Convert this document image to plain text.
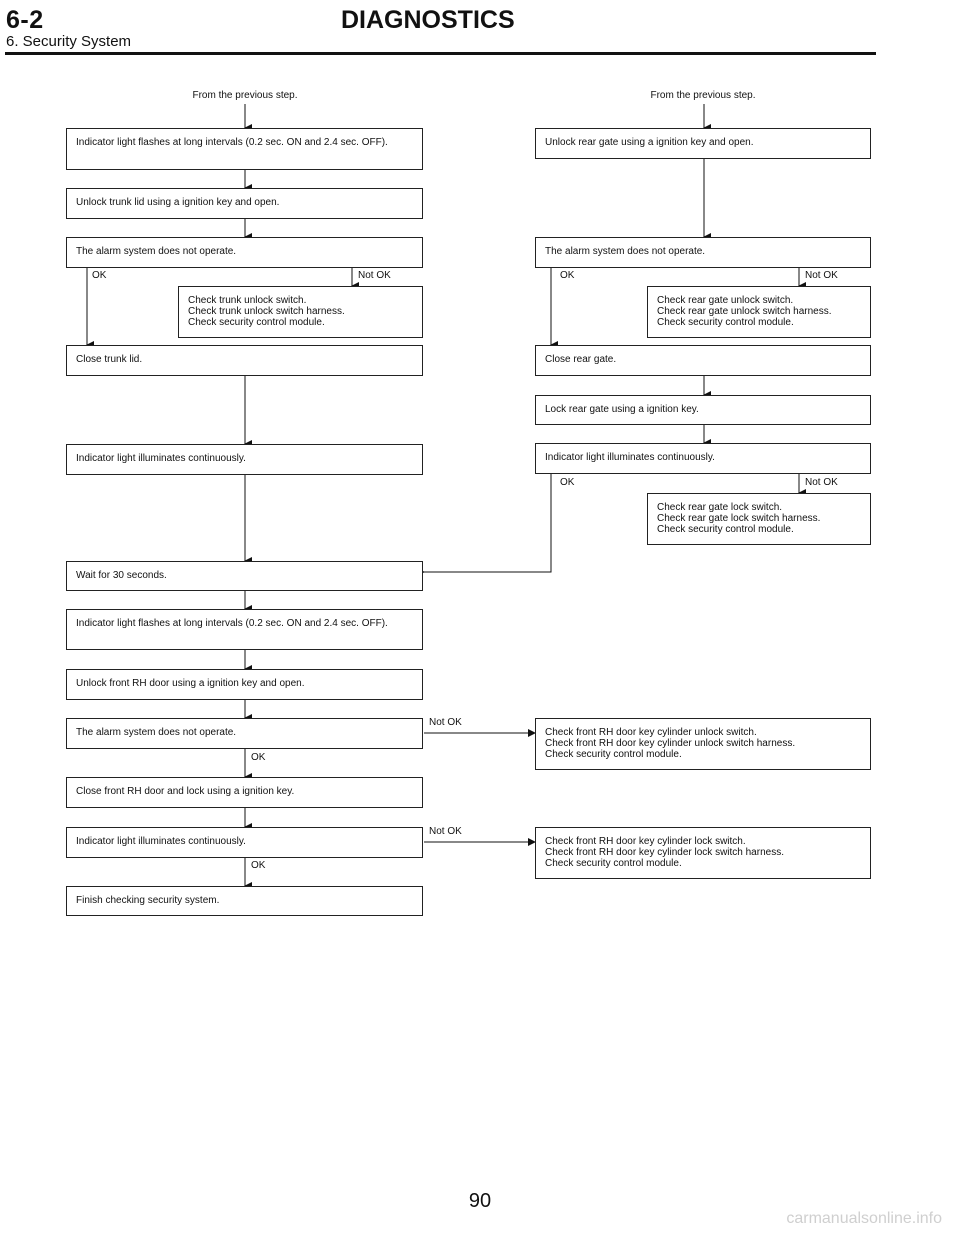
6-2	DIAGNOSTICS
6. Security System
From the previous step.	From the previous step.
Indicator light flashes at long intervals (0.2 sec. ON and 2.4 sec. OFF).
Unlock trunk lid using a ignition key and open.
The alarm system does not operate.
OK	Not OK
Check trunk unlock switch.
Check trunk unlock switch harness.
Check security control module.
Close trunk lid.
Indicator light illuminates continuously.
Wait for 30 seconds.
Indicator light flashes at long intervals (0.2 sec. ON and 2.4 sec. OFF).
Unlock front RH door using a ignition key and open.
The alarm system does not operate.
Not OK
OK
Close front RH door and lock using a ignition key.
Indicator light illuminates continuously.
Not OK
OK
Finish checking security system.
Unlock rear gate using a ignition key and open.
The alarm system does not operate.
OK	Not OK
Check rear gate unlock switch.
Check rear gate unlock switch harness.
Check security control module.
Close rear gate.
Lock rear gate using a ignition key.
Indicator light illuminates continuously.
OK	Not OK
Check rear gate lock switch.
Check rear gate lock switch harness.
Check security control module.
Check front RH door key cylinder unlock switch.
Check front RH door key cylinder unlock switch harness.
Check security control module.
Check front RH door key cylinder lock switch.
Check front RH door key cylinder lock switch harness.
Check security control module.
90
carmanualsonline.info
